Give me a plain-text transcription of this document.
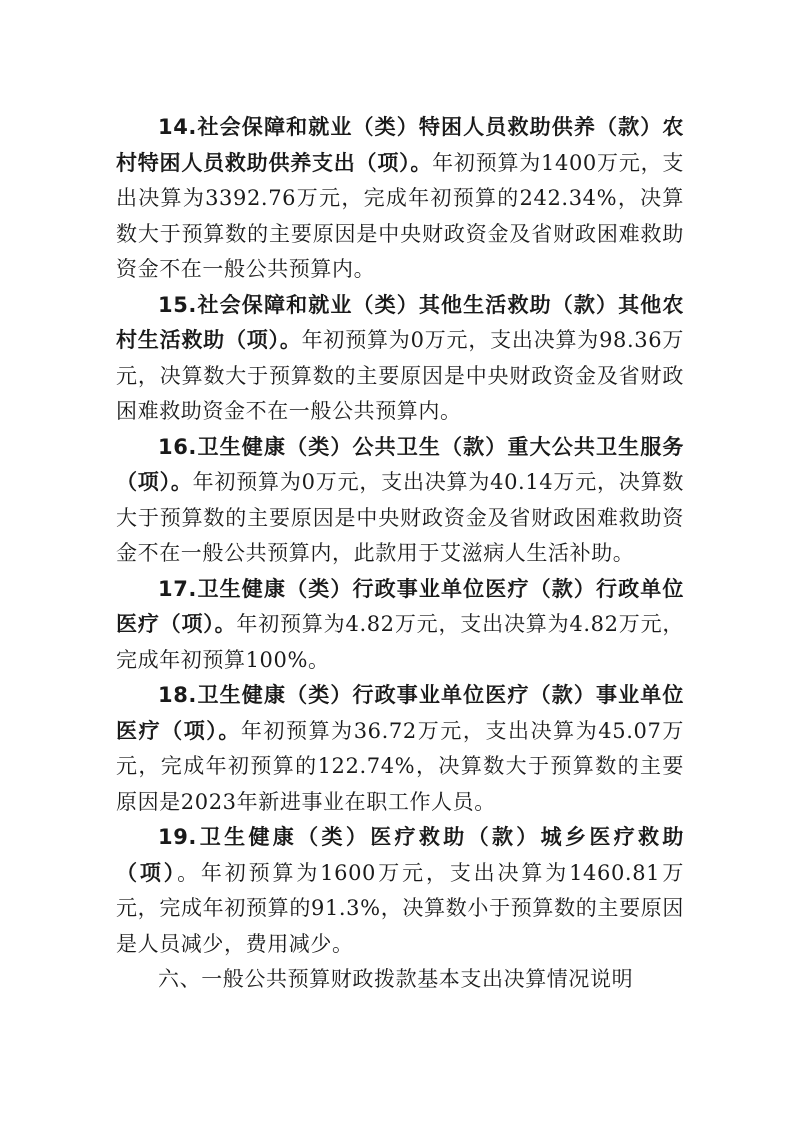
14.社会保障和就业（类）特困人员救助供养（款）农村特困人员救助供养支出（项）。年初预算为1400万元，支出决算为3392.76万元，完成年初预算的242.34%，决算数大于预算数的主要原因是中央财政资金及省财政困难救助资金不在一般公共预算内。

15.社会保障和就业（类）其他生活救助（款）其他农村生活救助（项）。年初预算为0万元，支出决算为98.36万元，决算数大于预算数的主要原因是中央财政资金及省财政困难救助资金不在一般公共预算内。

16.卫生健康（类）公共卫生（款）重大公共卫生服务（项）。年初预算为0万元，支出决算为40.14万元，决算数大于预算数的主要原因是中央财政资金及省财政困难救助资金不在一般公共预算内，此款用于艾滋病人生活补助。

17.卫生健康（类）行政事业单位医疗（款）行政单位医疗（项）。年初预算为4.82万元，支出决算为4.82万元，完成年初预算100%。

18.卫生健康（类）行政事业单位医疗（款）事业单位医疗（项）。年初预算为36.72万元，支出决算为45.07万元，完成年初预算的122.74%，决算数大于预算数的主要原因是2023年新进事业在职工作人员。

19.卫生健康（类）医疗救助（款）城乡医疗救助（项）。年初预算为1600万元，支出决算为1460.81万元，完成年初预算的91.3%，决算数小于预算数的主要原因是人员减少，费用减少。

六、一般公共预算财政拨款基本支出决算情况说明
